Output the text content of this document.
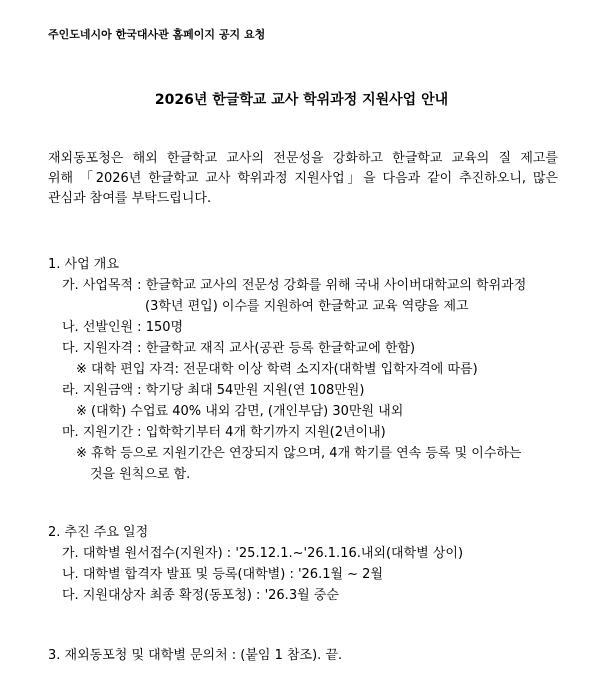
주인도네시아 한국대사관 홈페이지 공지 요청
2026년 한글학교 교사 학위과정 지원사업 안내
재외동포청은 해외 한글학교 교사의 전문성을 강화하고 한글학교 교육의 질 제고를
위해 「2026년 한글학교 교사 학위과정 지원사업」을 다음과 같이 추진하오니, 많은
관심과 참여를 부탁드립니다.
1. 사업 개요
가. 사업목적 : 한글학교 교사의 전문성 강화를 위해 국내 사이버대학교의 학위과정
(3학년 편입) 이수를 지원하여 한글학교 교육 역량을 제고
나. 선발인원 : 150명
다. 지원자격 : 한글학교 재직 교사(공관 등록 한글학교에 한함)
※ 대학 편입 자격: 전문대학 이상 학력 소지자(대학별 입학자격에 따름)
라. 지원금액 : 학기당 최대 54만원 지원(연 108만원)
※ (대학) 수업료 40% 내외 감면, (개인부담) 30만원 내외
마. 지원기간 : 입학학기부터 4개 학기까지 지원(2년이내)
※ 휴학 등으로 지원기간은 연장되지 않으며, 4개 학기를 연속 등록 및 이수하는
것을 원칙으로 함.
2. 추진 주요 일정
가. 대학별 원서접수(지원자) : '25.12.1.~'26.1.16.내외(대학별 상이)
나. 대학별 합격자 발표 및 등록(대학별) : '26.1월 ~ 2월
다. 지원대상자 최종 확정(동포청) : '26.3월 중순
3. 재외동포청 및 대학별 문의처 : (붙임 1 참조). 끝.
